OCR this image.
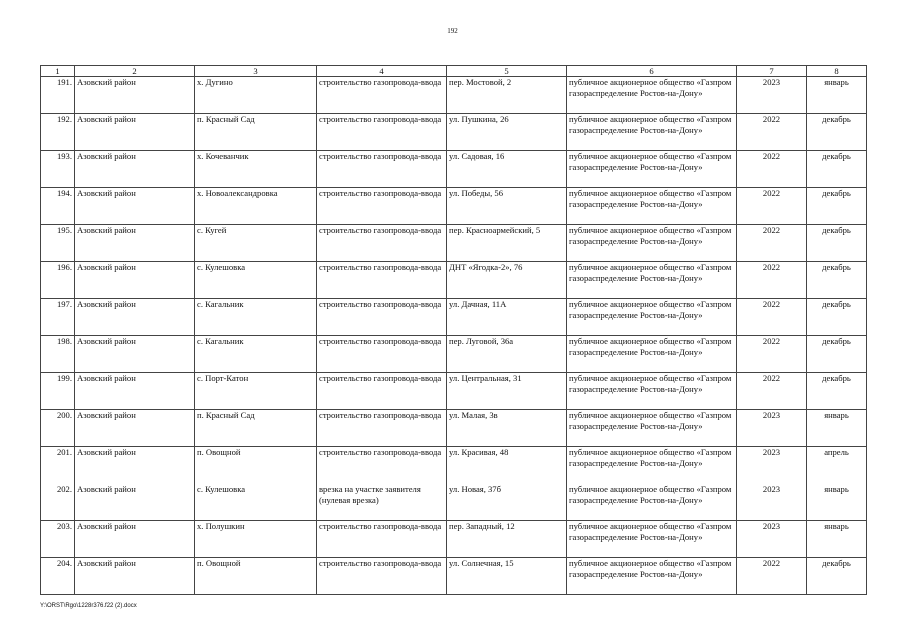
192
1	2	3	4	5	6	7	8
191.	Азовский район	х. Дугино	строительство газопровода-ввода	пер. Мостовой, 2	публичное акционерное общество «Газпром газораспределение Ростов-на-Дону»	2023	январь
192.	Азовский район	п. Красный Сад	строительство газопровода-ввода	ул. Пушкина, 26	публичное акционерное общество «Газпром газораспределение Ростов-на-Дону»	2022	декабрь
193.	Азовский район	х. Кочеванчик	строительство газопровода-ввода	ул. Садовая, 16	публичное акционерное общество «Газпром газораспределение Ростов-на-Дону»	2022	декабрь
194.	Азовский район	х. Новоалександровка	строительство газопровода-ввода	ул. Победы, 56	публичное акционерное общество «Газпром газораспределение Ростов-на-Дону»	2022	декабрь
195.	Азовский район	с. Кугей	строительство газопровода-ввода	пер. Красноармейский, 5	публичное акционерное общество «Газпром газораспределение Ростов-на-Дону»	2022	декабрь
196.	Азовский район	с. Кулешовка	строительство газопровода-ввода	ДНТ «Ягодка-2», 76	публичное акционерное общество «Газпром газораспределение Ростов-на-Дону»	2022	декабрь
197.	Азовский район	с. Кагальник	строительство газопровода-ввода	ул. Дачная, 11А	публичное акционерное общество «Газпром газораспределение Ростов-на-Дону»	2022	декабрь
198.	Азовский район	с. Кагальник	строительство газопровода-ввода	пер. Луговой, 36а	публичное акционерное общество «Газпром газораспределение Ростов-на-Дону»	2022	декабрь
199.	Азовский район	с. Порт-Катон	строительство газопровода-ввода	ул. Центральная, 31	публичное акционерное общество «Газпром газораспределение Ростов-на-Дону»	2022	декабрь
200.	Азовский район	п. Красный Сад	строительство газопровода-ввода	ул. Малая, 3в	публичное акционерное общество «Газпром газораспределение Ростов-на-Дону»	2023	январь
201.	Азовский район	п. Овощной	строительство газопровода-ввода	ул. Красивая, 48	публичное акционерное общество «Газпром газораспределение Ростов-на-Дону»	2023	апрель
202.	Азовский район	с. Кулешовка	врезка на участке заявителя (нулевая врезка)	ул. Новая, 37б	публичное акционерное общество «Газпром газораспределение Ростов-на-Дону»	2023	январь
203.	Азовский район	х. Полушкин	строительство газопровода-ввода	пер. Западный, 12	публичное акционерное общество «Газпром газораспределение Ростов-на-Дону»	2023	январь
204.	Азовский район	п. Овощной	строительство газопровода-ввода	ул. Солнечная, 15	публичное акционерное общество «Газпром газораспределение Ростов-на-Дону»	2022	декабрь
Y:\ORST\Rgo\1228r376.f22 (2).docx
